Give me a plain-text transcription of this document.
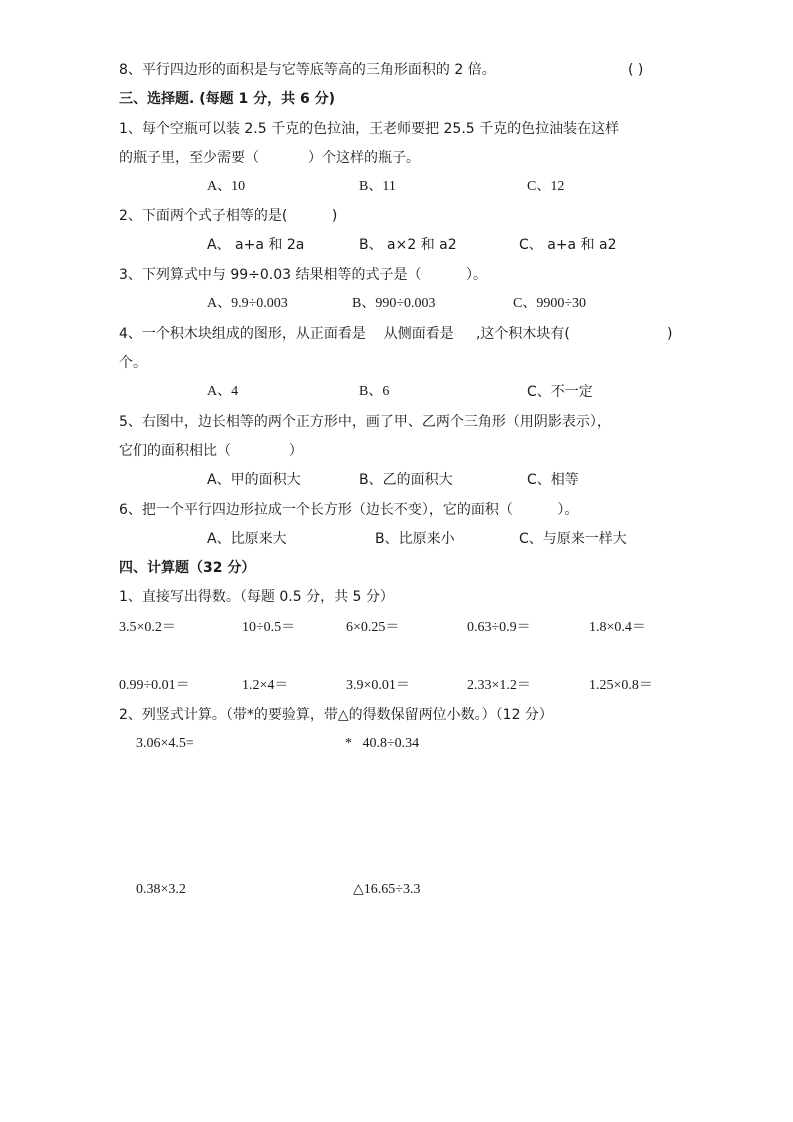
8、平行四边形的面积是与它等底等高的三角形面积的 2 倍。	( )
三、选择题. (每题 1 分，共 6 分)
1、每个空瓶可以装 2.5 千克的色拉油，王老师要把 25.5 千克的色拉油装在这样
的瓶子里，至少需要（           ）个这样的瓶子。
A、10	B、11	C、12
2、下面两个式子相等的是(          )
A、 a+a 和 2a	B、 a×2 和 a2	C、 a+a 和 a2
3、下列算式中与 99÷0.03 结果相等的式子是（          ）。
A、9.9÷0.003	B、990÷0.003	C、9900÷30
4、一个积木块组成的图形，从正面看是    从侧面看是     ,这个积木块有(	)
个。
A、4	B、6	C、不一定
5、右图中，边长相等的两个正方形中，画了甲、乙两个三角形（用阴影表示），
它们的面积相比（             ）
A、甲的面积大	B、乙的面积大	C、相等
6、把一个平行四边形拉成一个长方形（边长不变），它的面积（          ）。
A、比原来大	B、比原来小	C、与原来一样大
四、计算题（32 分）
1、直接写出得数。（每题 0.5 分，共 5 分）
3.5×0.2＝	10÷0.5＝	6×0.25＝	0.63÷0.9＝	1.8×0.4＝
0.99÷0.01＝	1.2×4＝	3.9×0.01＝	2.33×1.2＝	1.25×0.8＝
2、列竖式计算。（带*的要验算，带△的得数保留两位小数。）（12 分）
3.06×4.5=	*   40.8÷0.34
0.38×3.2	△16.65÷3.3
